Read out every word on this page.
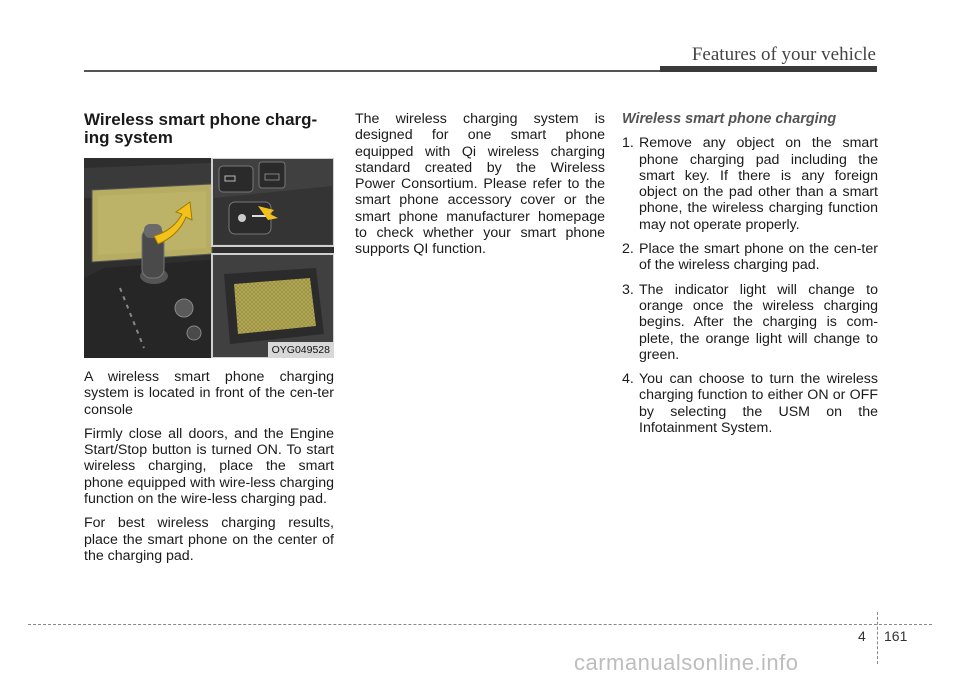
Features of your vehicle
Wireless smart phone charg-
ing system
OYG049528

A wireless smart phone charging system is located in front of the cen-ter console

Firmly close all doors, and the Engine Start/Stop button is turned ON. To start wireless charging, place the smart phone equipped with wire-less charging function on the wire-less charging pad.

For best wireless charging results, place the smart phone on the center of the charging pad.

The wireless charging system is designed for one smart phone equipped with Qi wireless charging standard created by the Wireless Power Consortium. Please refer to the smart phone accessory cover or the smart phone manufacturer homepage to check whether your smart phone supports QI function.

Wireless smart phone charging
1. Remove any object on the smart phone charging pad including the smart key. If there is any foreign object on the pad other than a smart phone, the wireless charging function may not operate properly.
2. Place the smart phone on the cen-ter of the wireless charging pad.
3. The indicator light will change to orange once the wireless charging begins. After the charging is com-plete, the orange light will change to green.
4. You can choose to turn the wireless charging function to either ON or OFF by selecting the USM on the Infotainment System.
4 161
carmanualsonline.info
